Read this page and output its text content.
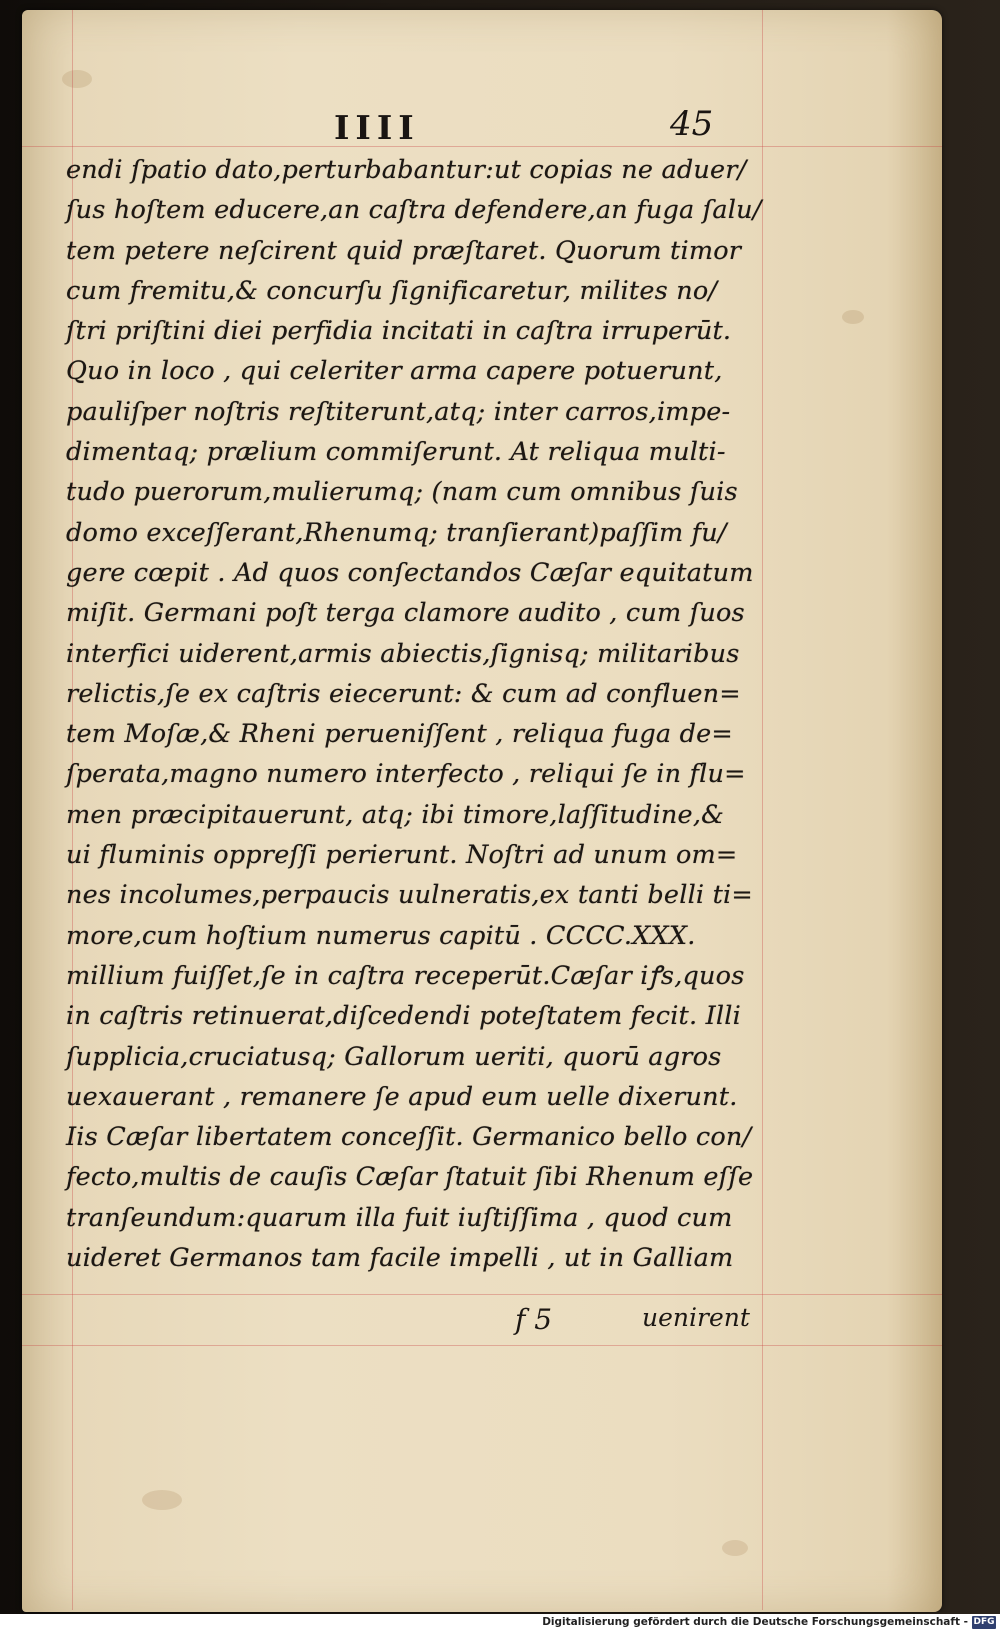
IIII	45
endi ſpatio dato,perturbabantur:ut copias ne aduer/
ſus hoſtem educere,an caſtra defendere,an fuga ſalu/
tem petere neſcirent quid præſtaret. Quorum timor
cum fremitu,& concurſu ſignificaretur, milites no/
ſtri priſtini diei perfidia incitati in caſtra irruperūt.
Quo in loco , qui celeriter arma capere potuerunt,
pauliſper noſtris reſtiterunt,atq; inter carros,impe-
dimentaq; prælium commiſerunt. At reliqua multi-
tudo puerorum,mulierumq; (nam cum omnibus ſuis
domo exceſſerant,Rhenumq; tranſierant)paſſim fu/
gere cœpit . Ad quos conſectandos Cæſar equitatum
miſit. Germani poſt terga clamore audito , cum ſuos
interfici uiderent,armis abiectis,ſignisq; militaribus
relictis,ſe ex caſtris eiecerunt: & cum ad confluen=
tem Moſæ,& Rheni perueniſſent , reliqua fuga de=
ſperata,magno numero interfecto , reliqui ſe in flu=
men præcipitauerunt, atq; ibi timore,laſſitudine,&
ui fluminis oppreſſi perierunt. Noſtri ad unum om=
nes incolumes,perpaucis uulneratis,ex tanti belli ti=
more,cum hoſtium numerus capitū . CCCC.XXX.
millium fuiſſet,ſe in caſtra receperūt.Cæſar iꝭs,quos
in caſtris retinuerat,diſcedendi poteſtatem fecit. Illi
ſupplicia,cruciatusq; Gallorum ueriti, quorū agros
uexauerant , remanere ſe apud eum uelle dixerunt.
Iis Cæſar libertatem conceſſit. Germanico bello con/
fecto,multis de cauſis Cæſar ſtatuit ſibi Rhenum eſſe
tranſeundum:quarum illa fuit iuſtiſſima , quod cum
uideret Germanos tam facile impelli , ut in Galliam
f 5	uenirent
Digitalisierung gefördert durch die Deutsche Forschungsgemeinschaft - DFG
